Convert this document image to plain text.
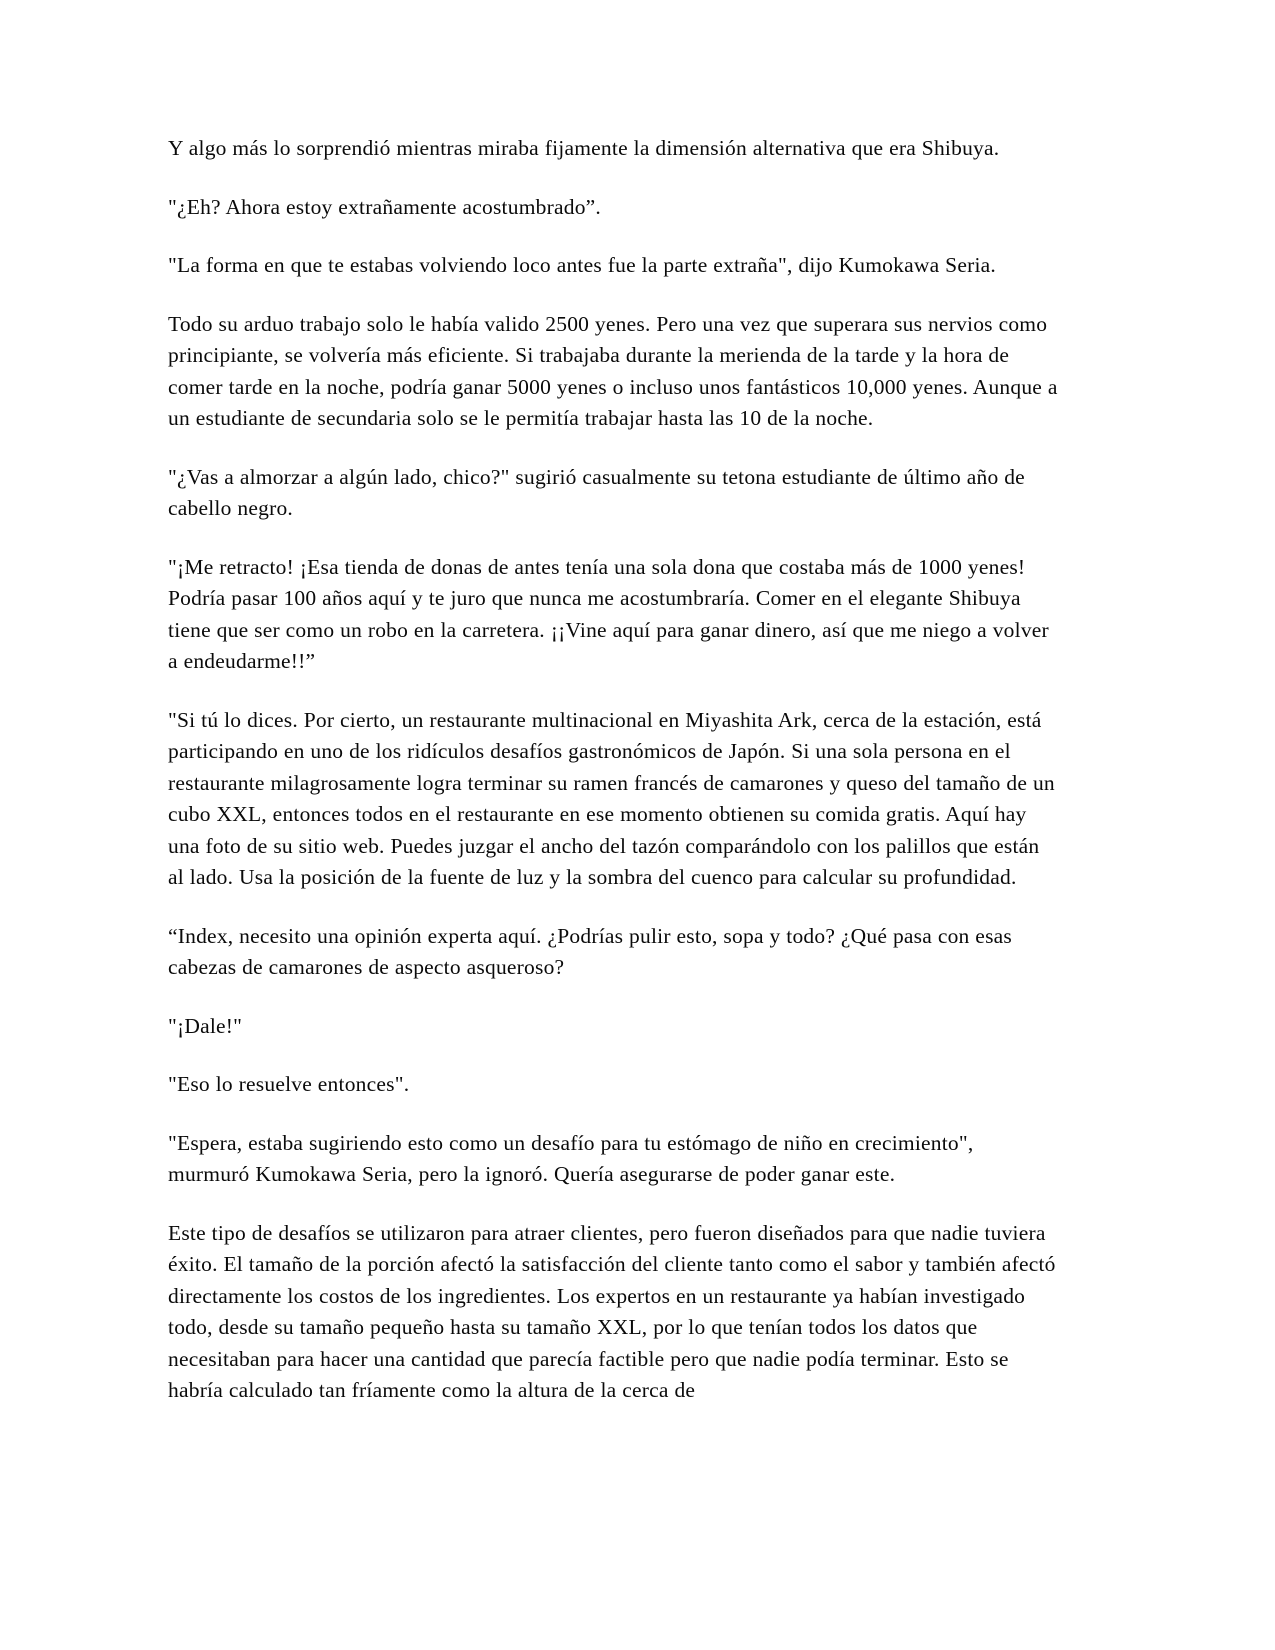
Y algo más lo sorprendió mientras miraba fijamente la dimensión alternativa que era Shibuya.

"¿Eh? Ahora estoy extrañamente acostumbrado”.

"La forma en que te estabas volviendo loco antes fue la parte extraña", dijo Kumokawa Seria.

Todo su arduo trabajo solo le había valido 2500 yenes. Pero una vez que superara sus nervios como principiante, se volvería más eficiente. Si trabajaba durante la merienda de la tarde y la hora de comer tarde en la noche, podría ganar 5000 yenes o incluso unos fantásticos 10,000 yenes. Aunque a un estudiante de secundaria solo se le permitía trabajar hasta las 10 de la noche.

"¿Vas a almorzar a algún lado, chico?" sugirió casualmente su tetona estudiante de último año de cabello negro.

"¡Me retracto! ¡Esa tienda de donas de antes tenía una sola dona que costaba más de 1000 yenes! Podría pasar 100 años aquí y te juro que nunca me acostumbraría. Comer en el elegante Shibuya tiene que ser como un robo en la carretera. ¡¡Vine aquí para ganar dinero, así que me niego a volver a endeudarme!!”

"Si tú lo dices. Por cierto, un restaurante multinacional en Miyashita Ark, cerca de la estación, está participando en uno de los ridículos desafíos gastronómicos de Japón. Si una sola persona en el restaurante milagrosamente logra terminar su ramen francés de camarones y queso del tamaño de un cubo XXL, entonces todos en el restaurante en ese momento obtienen su comida gratis. Aquí hay una foto de su sitio web. Puedes juzgar el ancho del tazón comparándolo con los palillos que están al lado. Usa la posición de la fuente de luz y la sombra del cuenco para calcular su profundidad.

“Index, necesito una opinión experta aquí. ¿Podrías pulir esto, sopa y todo? ¿Qué pasa con esas cabezas de camarones de aspecto asqueroso?

"¡Dale!"

"Eso lo resuelve entonces".

"Espera, estaba sugiriendo esto como un desafío para tu estómago de niño en crecimiento", murmuró Kumokawa Seria, pero la ignoró. Quería asegurarse de poder ganar este.

Este tipo de desafíos se utilizaron para atraer clientes, pero fueron diseñados para que nadie tuviera éxito. El tamaño de la porción afectó la satisfacción del cliente tanto como el sabor y también afectó directamente los costos de los ingredientes. Los expertos en un restaurante ya habían investigado todo, desde su tamaño pequeño hasta su tamaño XXL, por lo que tenían todos los datos que necesitaban para hacer una cantidad que parecía factible pero que nadie podía terminar. Esto se habría calculado tan fríamente como la altura de la cerca de
